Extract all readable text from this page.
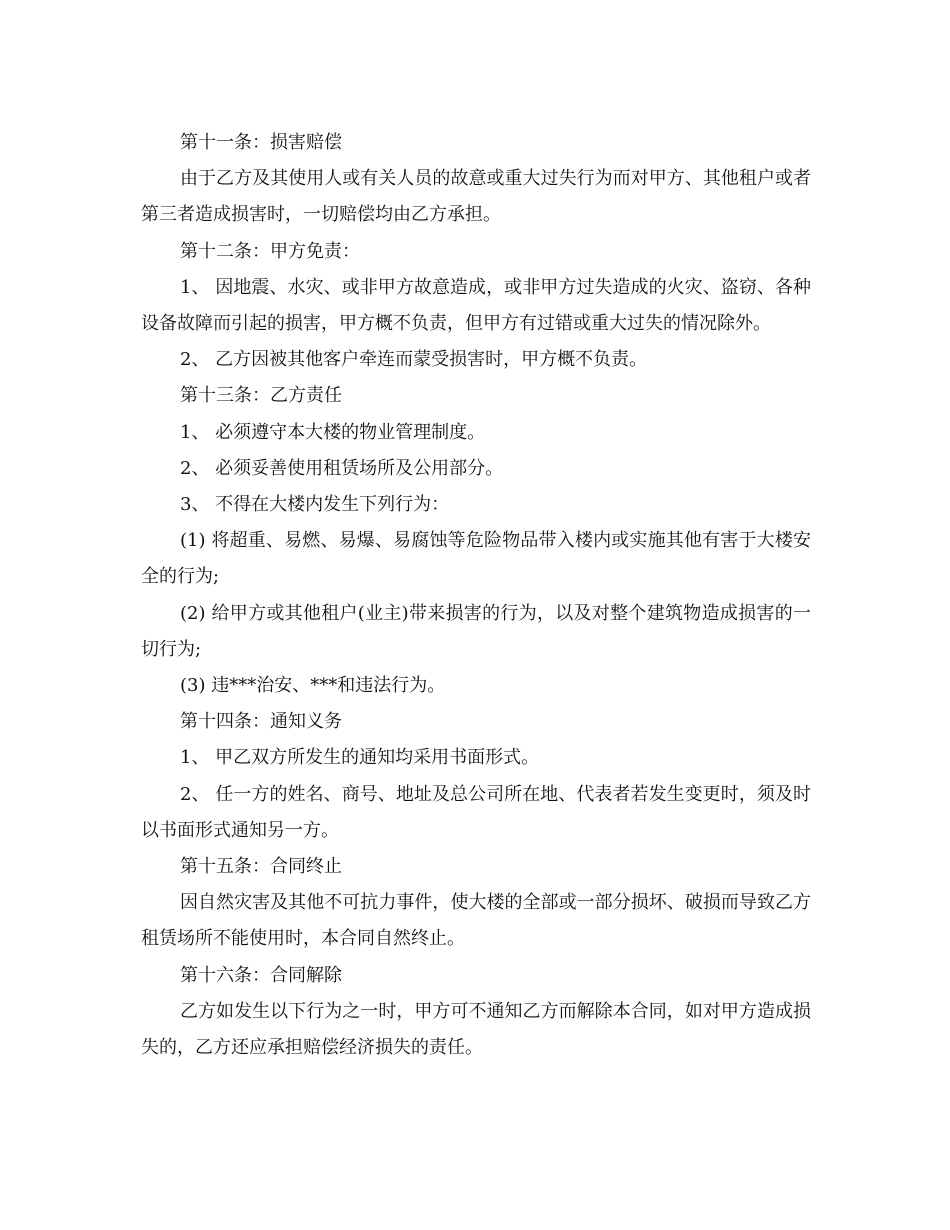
第十一条：损害赔偿

由于乙方及其使用人或有关人员的故意或重大过失行为而对甲方、其他租户或者第三者造成损害时，一切赔偿均由乙方承担。

第十二条：甲方免责：

1、 因地震、水灾、或非甲方故意造成，或非甲方过失造成的火灾、盗窃、各种设备故障而引起的损害，甲方概不负责，但甲方有过错或重大过失的情况除外。

2、 乙方因被其他客户牵连而蒙受损害时，甲方概不负责。

第十三条：乙方责任

1、 必须遵守本大楼的物业管理制度。

2、 必须妥善使用租赁场所及公用部分。

3、 不得在大楼内发生下列行为：

(1) 将超重、易燃、易爆、易腐蚀等危险物品带入楼内或实施其他有害于大楼安全的行为;

(2) 给甲方或其他租户(业主)带来损害的行为，以及对整个建筑物造成损害的一切行为;

(3) 违***治安、***和违法行为。

第十四条：通知义务

1、 甲乙双方所发生的通知均采用书面形式。

2、 任一方的姓名、商号、地址及总公司所在地、代表者若发生变更时，须及时以书面形式通知另一方。

第十五条：合同终止

因自然灾害及其他不可抗力事件，使大楼的全部或一部分损坏、破损而导致乙方租赁场所不能使用时，本合同自然终止。

第十六条：合同解除

乙方如发生以下行为之一时，甲方可不通知乙方而解除本合同，如对甲方造成损失的，乙方还应承担赔偿经济损失的责任。
